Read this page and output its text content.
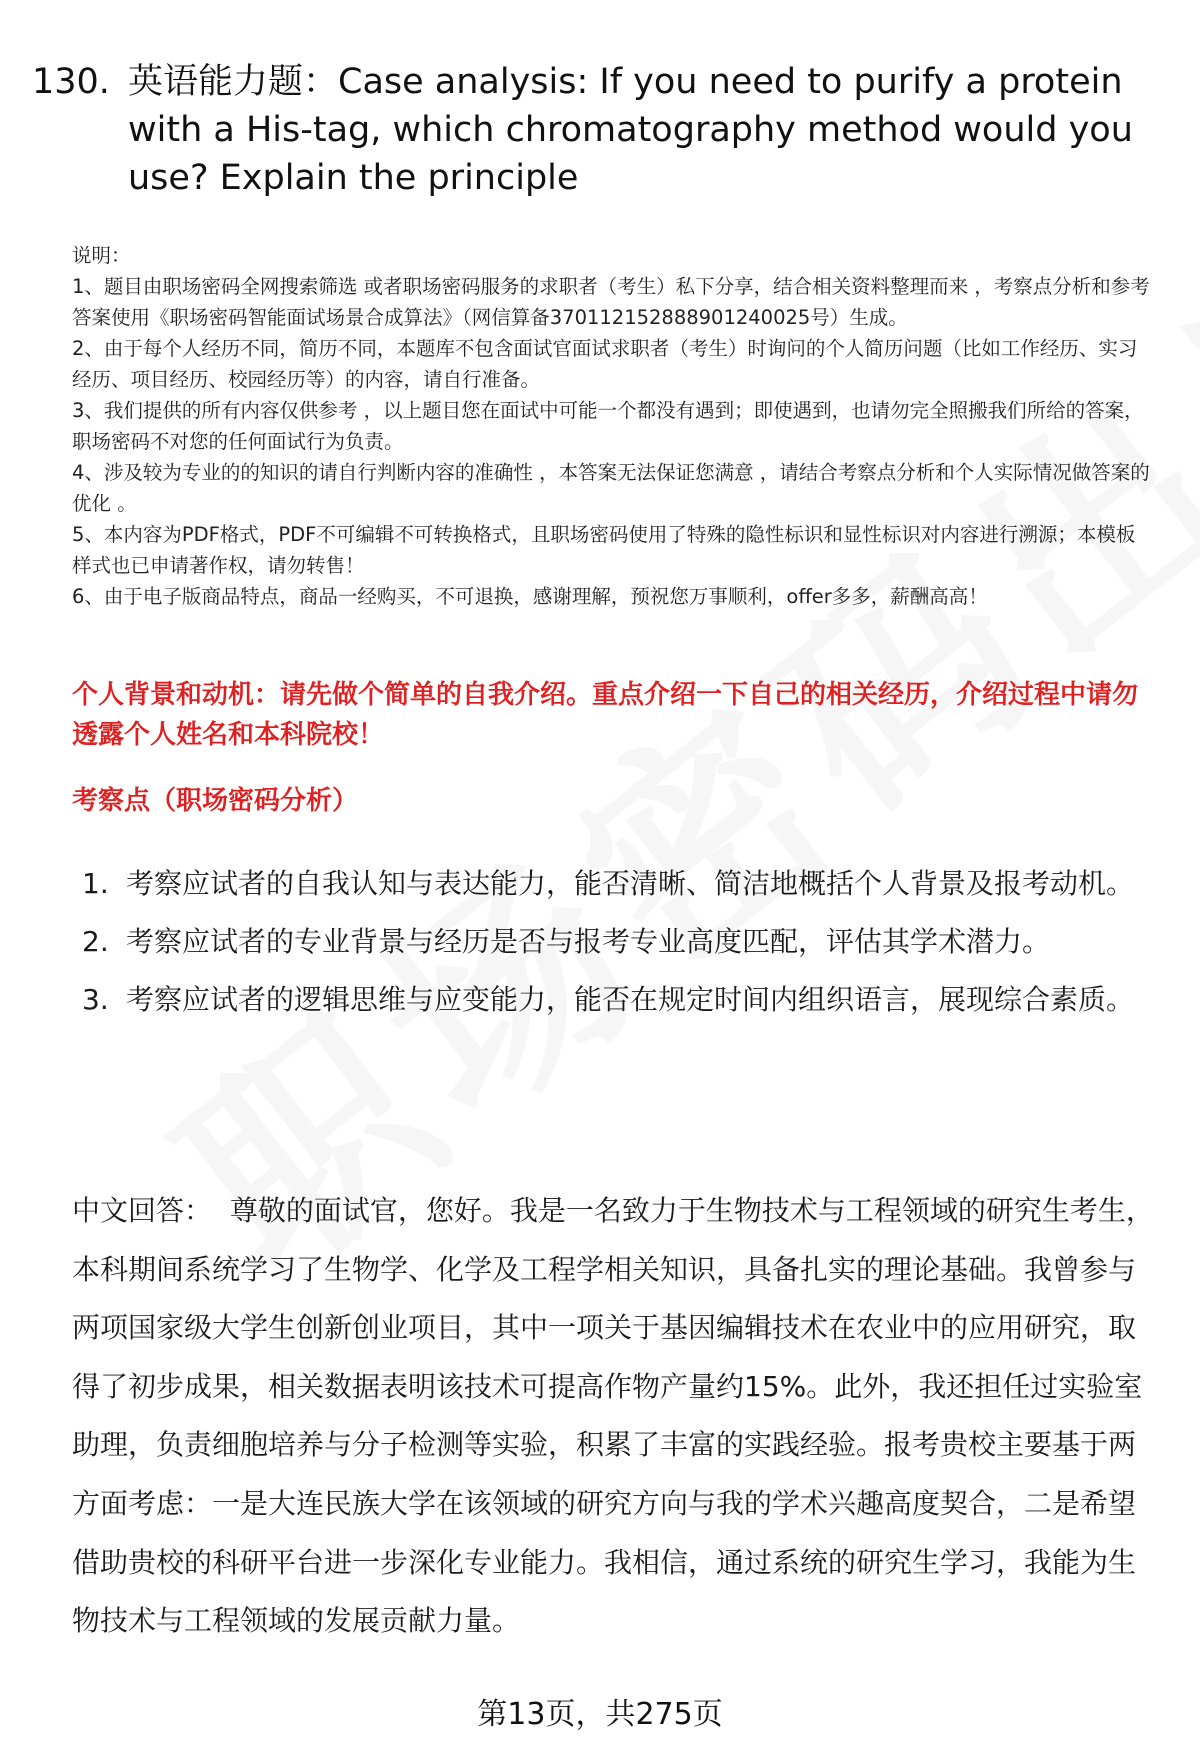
130. 英语能力题：Case analysis: If you need to purify a protein with a His-tag, which chromatography method would you use? Explain the principle

说明：

1、题目由职场密码全网搜索筛选 或者职场密码服务的求职者（考生）私下分享，结合相关资料整理而来 ，考察点分析和参考答案使用《职场密码智能面试场景合成算法》（网信算备370112152888901240025号）生成。

2、由于每个人经历不同，简历不同，本题库不包含面试官面试求职者（考生）时询问的个人简历问题（比如工作经历、实习经历、项目经历、校园经历等）的内容，请自行准备。

3、我们提供的所有内容仅供参考 ，以上题目您在面试中可能一个都没有遇到；即使遇到，也请勿完全照搬我们所给的答案，职场密码不对您的任何面试行为负责。

4、涉及较为专业的的知识的请自行判断内容的准确性 ，本答案无法保证您满意 ，请结合考察点分析和个人实际情况做答案的优化 。

5、本内容为PDF格式，PDF不可编辑不可转换格式，且职场密码使用了特殊的隐性标识和显性标识对内容进行溯源；本模板样式也已申请著作权，请勿转售！

6、由于电子版商品特点，商品一经购买，不可退换，感谢理解，预祝您万事顺利，offer多多，薪酬高高！

个人背景和动机：请先做个简单的自我介绍。重点介绍一下自己的相关经历，介绍过程中请勿透露个人姓名和本科院校！

考察点（职场密码分析）

1. 考察应试者的自我认知与表达能力，能否清晰、简洁地概括个人背景及报考动机。
2. 考察应试者的专业背景与经历是否与报考专业高度匹配，评估其学术潜力。
3. 考察应试者的逻辑思维与应变能力，能否在规定时间内组织语言，展现综合素质。

中文回答： 尊敬的面试官，您好。我是一名致力于生物技术与工程领域的研究生考生，本科期间系统学习了生物学、化学及工程学相关知识，具备扎实的理论基础。我曾参与两项国家级大学生创新创业项目，其中一项关于基因编辑技术在农业中的应用研究，取得了初步成果，相关数据表明该技术可提高作物产量约15%。此外，我还担任过实验室助理，负责细胞培养与分子检测等实验，积累了丰富的实践经验。报考贵校主要基于两方面考虑：一是大连民族大学在该领域的研究方向与我的学术兴趣高度契合，二是希望借助贵校的科研平台进一步深化专业能力。我相信，通过系统的研究生学习，我能为生物技术与工程领域的发展贡献力量。

第13页，共275页
